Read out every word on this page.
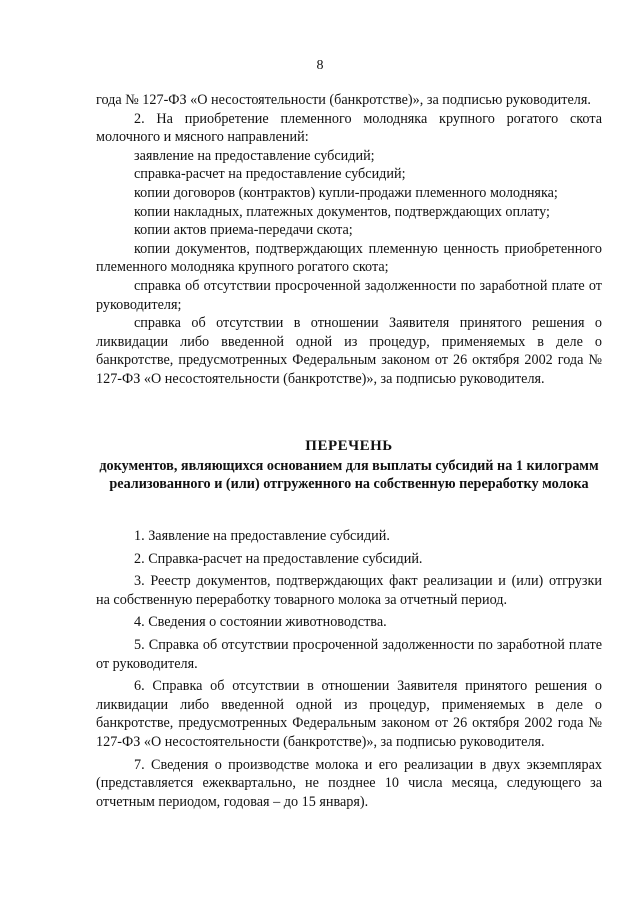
8

года № 127-ФЗ «О несостоятельности (банкротстве)», за подписью руководителя.

2. На приобретение племенного молодняка крупного рогатого скота молочного и мясного направлений:

заявление на предоставление субсидий;

справка-расчет на предоставление субсидий;

копии договоров (контрактов) купли-продажи племенного молодняка;

копии накладных, платежных документов, подтверждающих оплату;

копии актов приема-передачи скота;

копии документов, подтверждающих племенную ценность приобретенного племенного молодняка крупного рогатого скота;

справка об отсутствии просроченной задолженности по заработной плате от руководителя;

справка об отсутствии в отношении Заявителя принятого решения о ликвидации либо введенной одной из процедур, применяемых в деле о банкротстве, предусмотренных Федеральным законом от 26 октября 2002 года № 127-ФЗ «О несостоятельности (банкротстве)», за подписью руководителя.

ПЕРЕЧЕНЬ
документов, являющихся основанием для выплаты субсидий на 1 килограмм реализованного и (или) отгруженного на собственную переработку молока

1. Заявление на предоставление субсидий.

2. Справка-расчет на предоставление субсидий.

3. Реестр документов, подтверждающих факт реализации и (или) отгрузки на собственную переработку товарного молока за отчетный период.

4. Сведения о состоянии животноводства.

5. Справка об отсутствии просроченной задолженности по заработной плате от руководителя.

6. Справка об отсутствии в отношении Заявителя принятого решения о ликвидации либо введенной одной из процедур, применяемых в деле о банкротстве, предусмотренных Федеральным законом от 26 октября 2002 года № 127-ФЗ «О несостоятельности (банкротстве)», за подписью руководителя.

7. Сведения о производстве молока и его реализации в двух экземплярах (представляется ежеквартально, не позднее 10 числа месяца, следующего за отчетным периодом, годовая – до 15 января).
